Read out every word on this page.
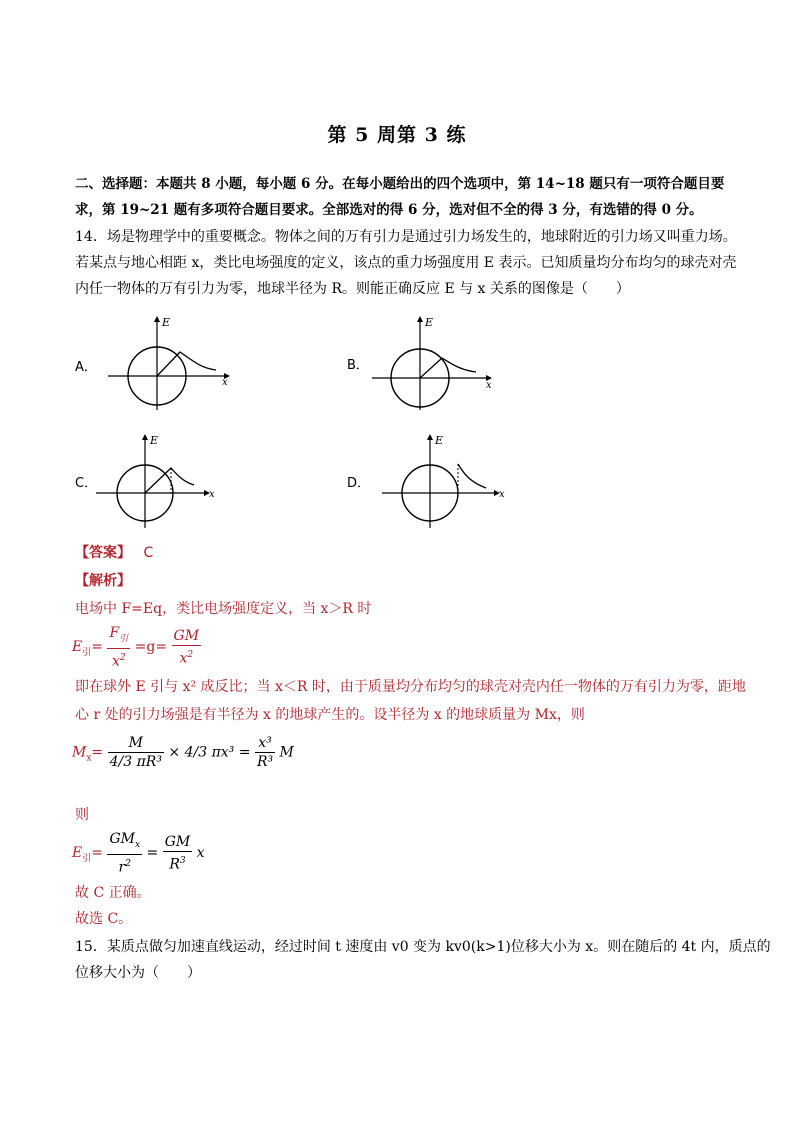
第 5 周第 3 练
二、选择题：本题共 8 小题，每小题 6 分。在每小题给出的四个选项中，第 14~18 题只有一项符合题目要
求，第 19~21 题有多项符合题目要求。全部选对的得 6 分，选对但不全的得 3 分，有选错的得 0 分。
14．场是物理学中的重要概念。物体之间的万有引力是通过引力场发生的，地球附近的引力场又叫重力场。
若某点与地心相距 x，类比电场强度的定义，该点的重力场强度用 E 表示。已知质量均分布均匀的球壳对壳
内任一物体的万有引力为零，地球半径为 R。则能正确反应 E 与 x 关系的图像是（　　）
A．
E
x
B．
E
x
C．
E
x
D．
E
x
【答案】 C
【解析】
电场中 F=Eq，类比电场强度定义，当 x＞R 时
$E_引= \frac{F_引}{x^2} =g= \frac{GM}{x^2}$
即在球外 E 引与 x² 成反比；当 x＜R 时，由于质量均分布均匀的球壳对壳内任一物体的万有引力为零，距地
心 r 处的引力场强是有半径为 x 的地球产生的。设半径为 x 的地球质量为 Mx，则
$M_x= \frac{M}{\text{4/3 πR³}} \times 4/3$ $\pi x^3 = \frac{\text{x³}}{\text{R³}}$ M
则
$E_引= \frac{GM_x}{r^2} = \frac{GM}{R^3}$ x
故 C 正确。
故选 C。
15．某质点做匀加速直线运动，经过时间 t 速度由 v0 变为 kv0(k>1)位移大小为 x。则在随后的 4t 内，质点的
位移大小为（　　）
